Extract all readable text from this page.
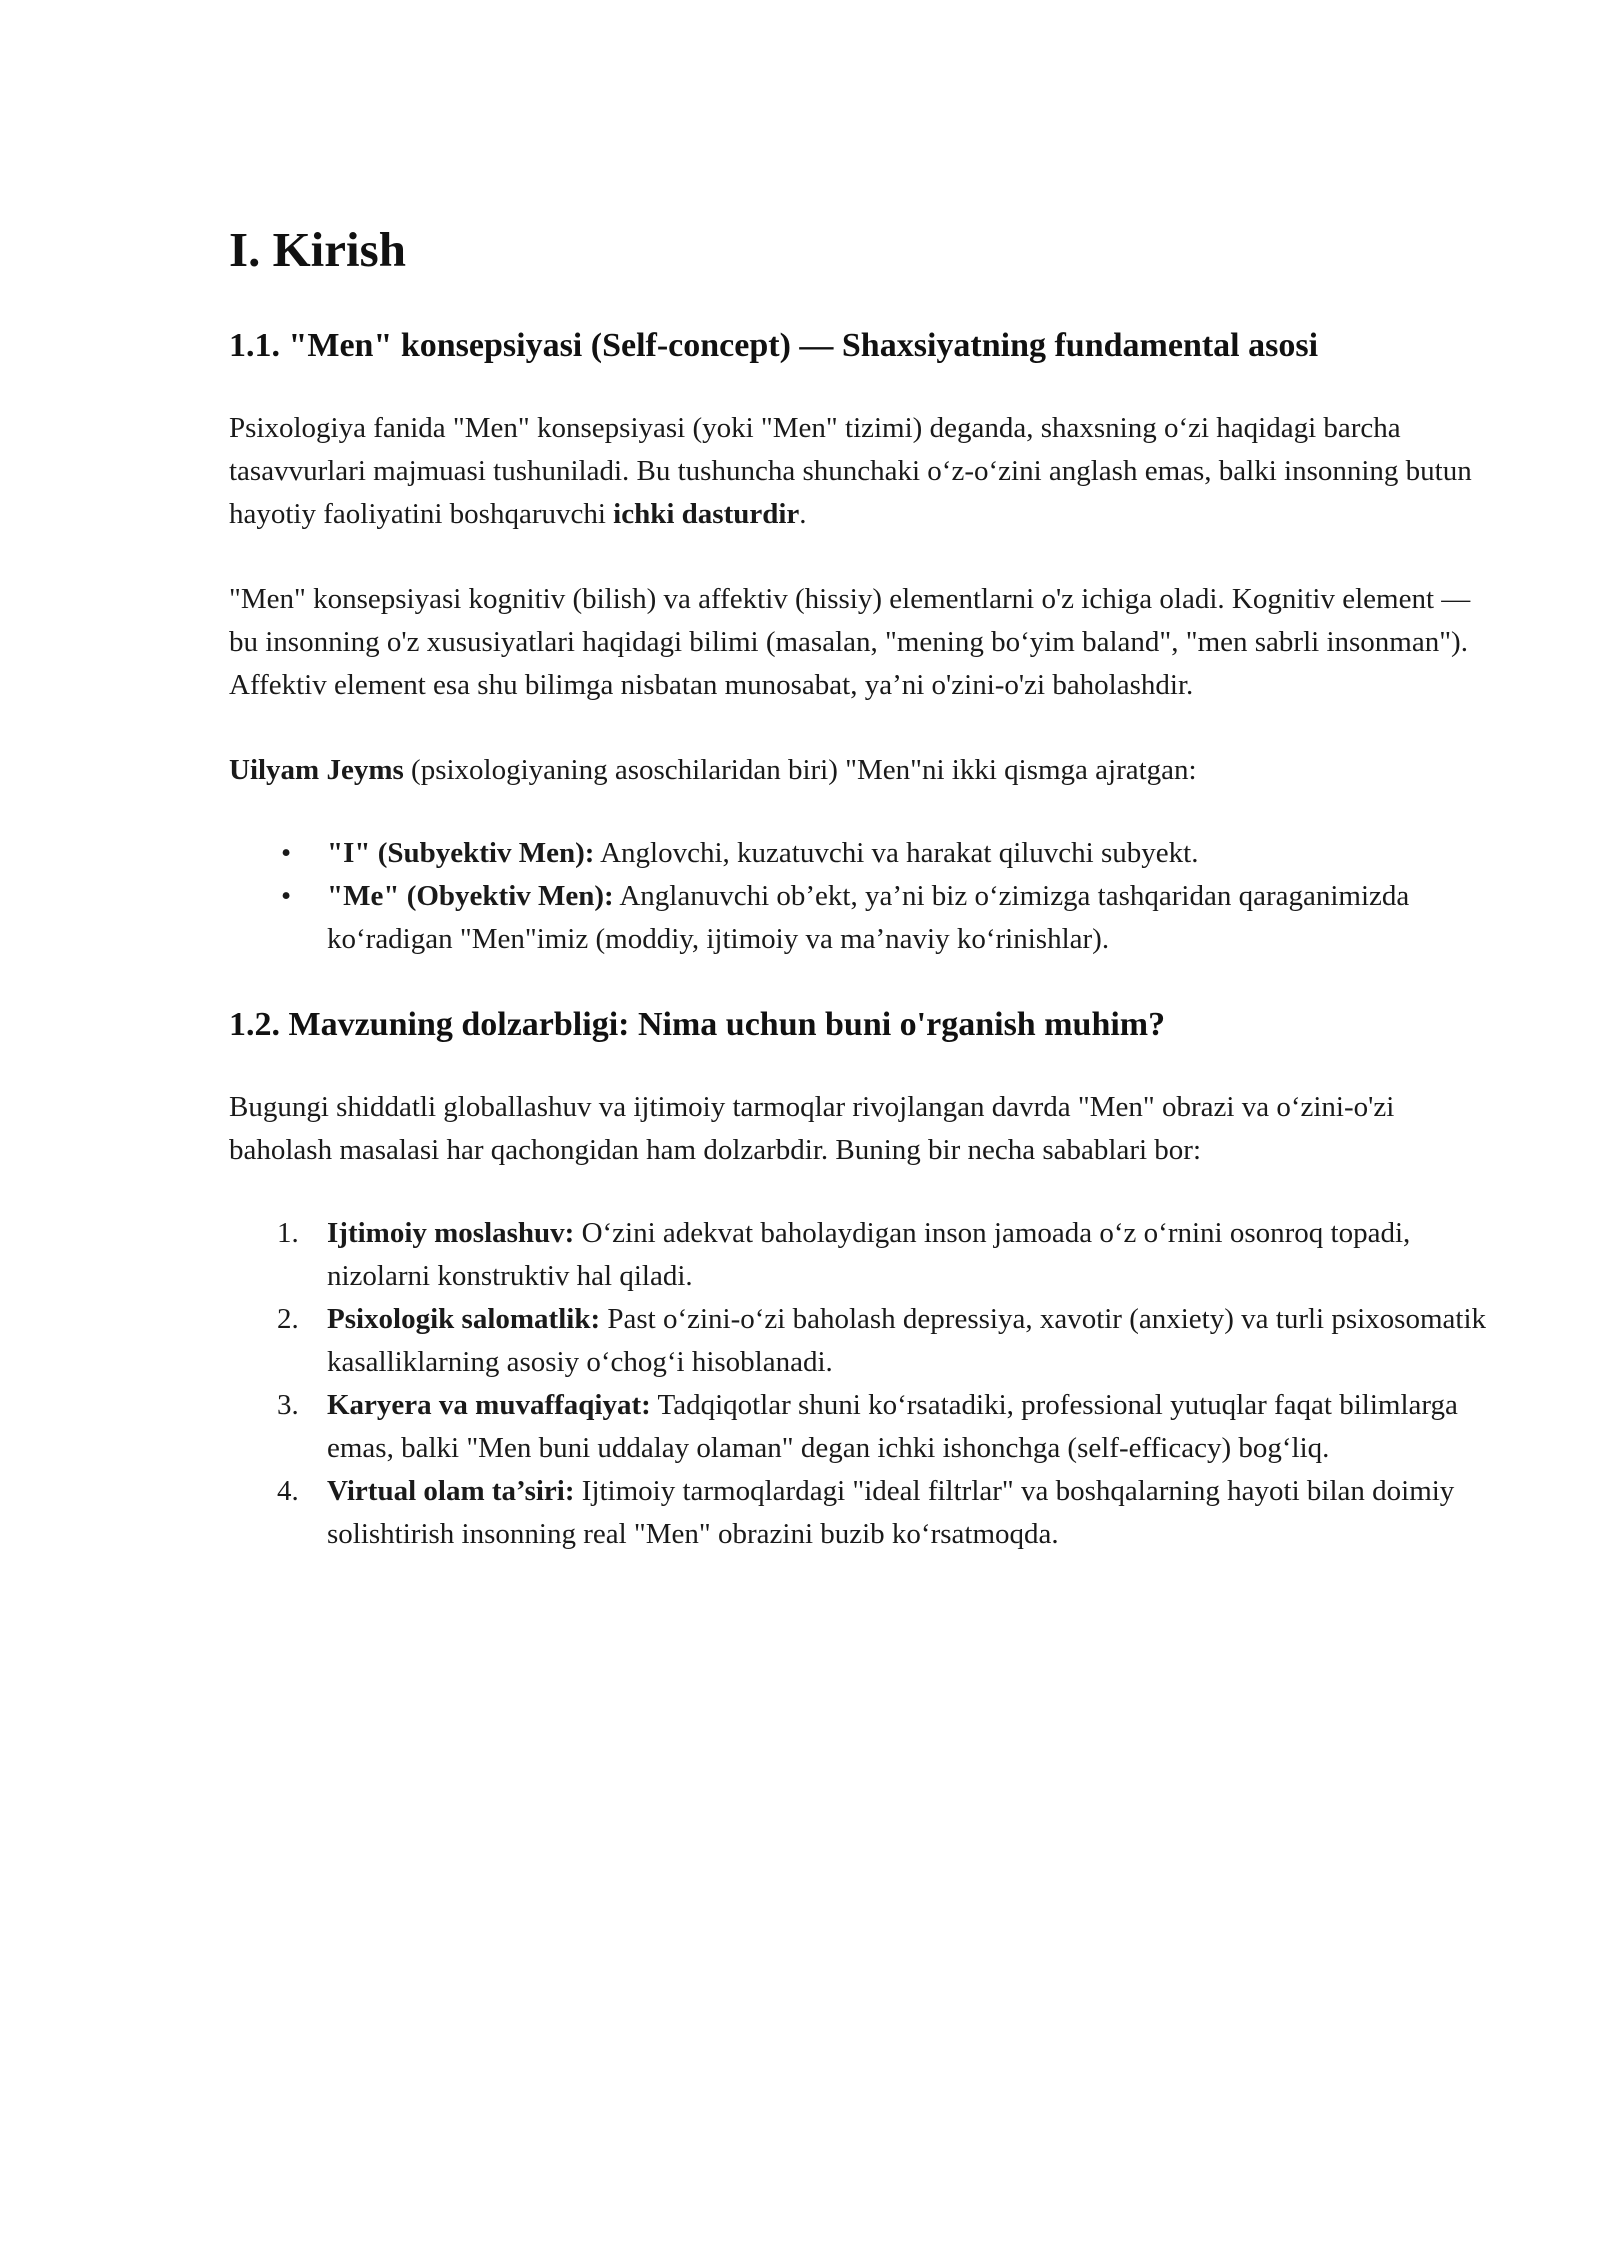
I. Kirish
1.1. "Men" konsepsiyasi (Self-concept) — Shaxsiyatning fundamental asosi

Psixologiya fanida "Men" konsepsiyasi (yoki "Men" tizimi) deganda, shaxsning o‘zi haqidagi barcha tasavvurlari majmuasi tushuniladi. Bu tushuncha shunchaki o‘z-o‘zini anglash emas, balki insonning butun hayotiy faoliyatini boshqaruvchi ichki dasturdir.

"Men" konsepsiyasi kognitiv (bilish) va affektiv (hissiy) elementlarni o'z ichiga oladi. Kognitiv element — bu insonning o'z xususiyatlari haqidagi bilimi (masalan, "mening bo‘yim baland", "men sabrli insonman"). Affektiv element esa shu bilimga nisbatan munosabat, ya’ni o'zini-o'zi baholashdir.

Uilyam Jeyms (psixologiyaning asoschilaridan biri) "Men"ni ikki qismga ajratgan:

• "I" (Subyektiv Men): Anglovchi, kuzatuvchi va harakat qiluvchi subyekt.
• "Me" (Obyektiv Men): Anglanuvchi ob’ekt, ya’ni biz o‘zimizga tashqaridan qaraganimizda ko‘radigan "Men"imiz (moddiy, ijtimoiy va ma’naviy ko‘rinishlar).
1.2. Mavzuning dolzarbligi: Nima uchun buni o'rganish muhim?

Bugungi shiddatli globallashuv va ijtimoiy tarmoqlar rivojlangan davrda "Men" obrazi va o‘zini-o'zi baholash masalasi har qachongidan ham dolzarbdir. Buning bir necha sabablari bor:

1. Ijtimoiy moslashuv: O‘zini adekvat baholaydigan inson jamoada o‘z o‘rnini osonroq topadi, nizolarni konstruktiv hal qiladi.
2. Psixologik salomatlik: Past o‘zini-o‘zi baholash depressiya, xavotir (anxiety) va turli psixosomatik kasalliklarning asosiy o‘chog‘i hisoblanadi.
3. Karyera va muvaffaqiyat: Tadqiqotlar shuni ko‘rsatadiki, professional yutuqlar faqat bilimlarga emas, balki "Men buni uddalay olaman" degan ichki ishonchga (self-efficacy) bog‘liq.
4. Virtual olam ta’siri: Ijtimoiy tarmoqlardagi "ideal filtrlar" va boshqalarning hayoti bilan doimiy solishtirish insonning real "Men" obrazini buzib ko‘rsatmoqda.
